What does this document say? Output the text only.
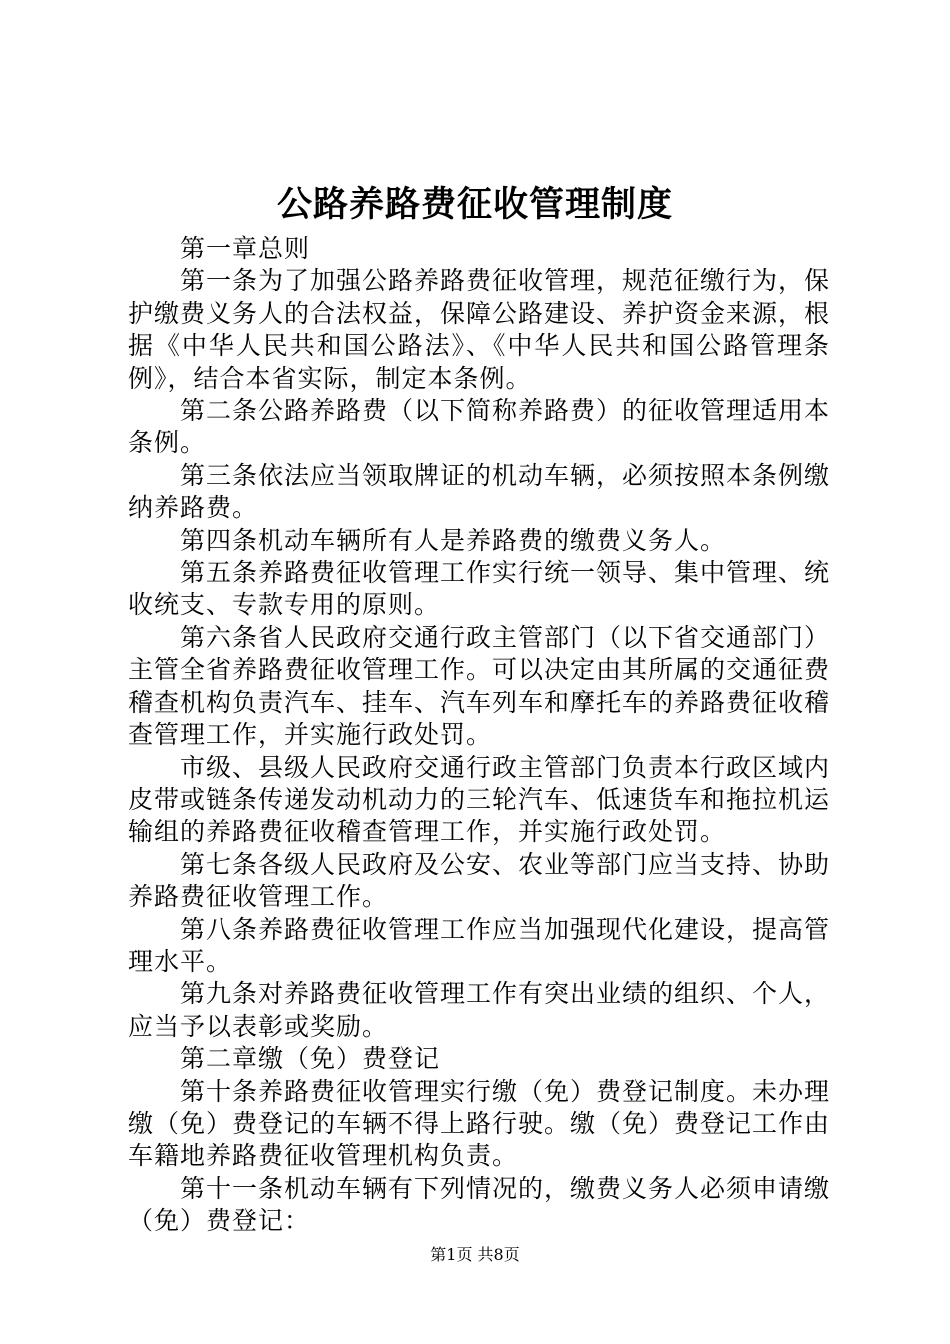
公路养路费征收管理制度

第一章总则

第一条为了加强公路养路费征收管理，规范征缴行为，保护缴费义务人的合法权益，保障公路建设、养护资金来源，根据《中华人民共和国公路法》、《中华人民共和国公路管理条例》，结合本省实际，制定本条例。

第二条公路养路费（以下简称养路费）的征收管理适用本条例。

第三条依法应当领取牌证的机动车辆，必须按照本条例缴纳养路费。

第四条机动车辆所有人是养路费的缴费义务人。

第五条养路费征收管理工作实行统一领导、集中管理、统收统支、专款专用的原则。

第六条省人民政府交通行政主管部门（以下省交通部门）主管全省养路费征收管理工作。可以决定由其所属的交通征费稽查机构负责汽车、挂车、汽车列车和摩托车的养路费征收稽查管理工作，并实施行政处罚。

市级、县级人民政府交通行政主管部门负责本行政区域内皮带或链条传递发动机动力的三轮汽车、低速货车和拖拉机运输组的养路费征收稽查管理工作，并实施行政处罚。

第七条各级人民政府及公安、农业等部门应当支持、协助养路费征收管理工作。

第八条养路费征收管理工作应当加强现代化建设，提高管理水平。

第九条对养路费征收管理工作有突出业绩的组织、个人，应当予以表彰或奖励。

第二章缴（免）费登记

第十条养路费征收管理实行缴（免）费登记制度。未办理缴（免）费登记的车辆不得上路行驶。缴（免）费登记工作由车籍地养路费征收管理机构负责。

第十一条机动车辆有下列情况的，缴费义务人必须申请缴（免）费登记：

第1页 共8页
